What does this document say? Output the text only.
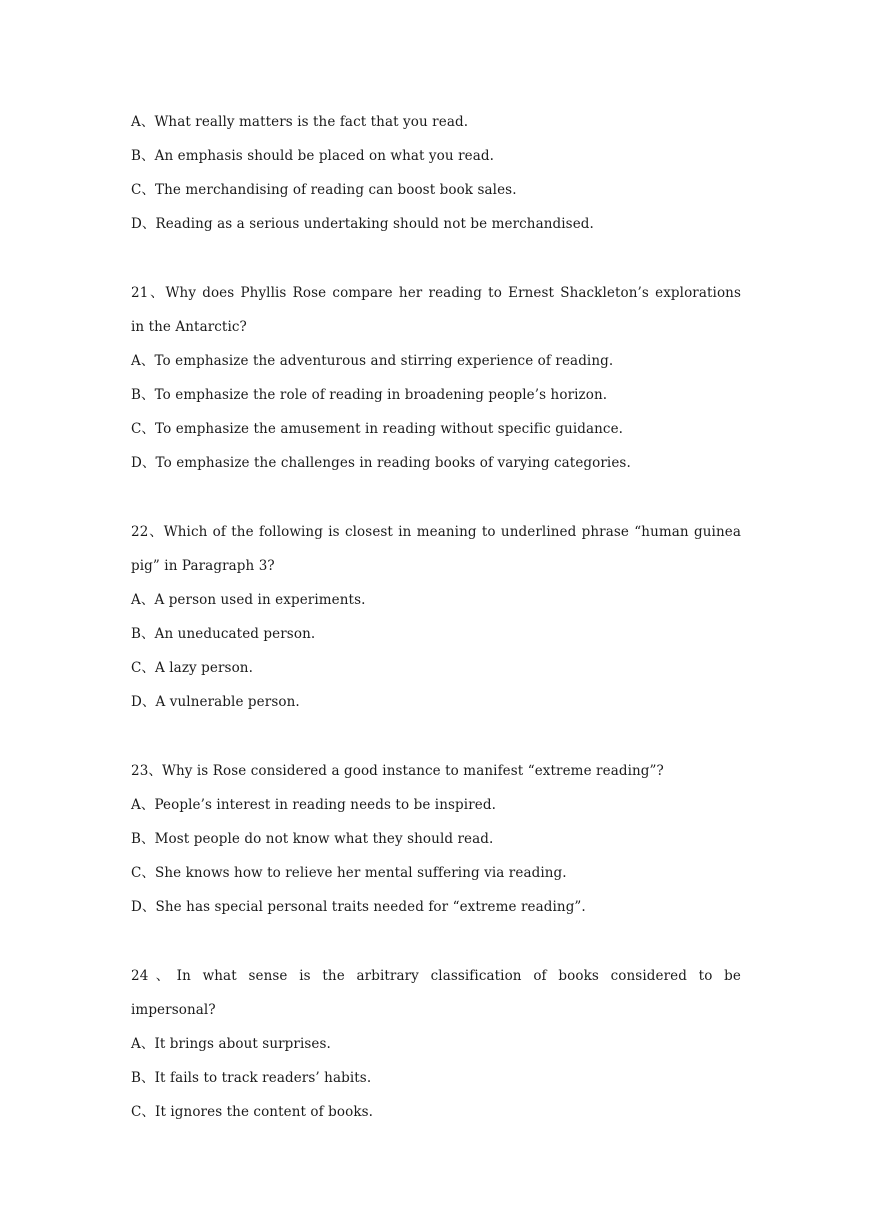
A、What really matters is the fact that you read.
B、An emphasis should be placed on what you read.
C、The merchandising of reading can boost book sales.
D、Reading as a serious undertaking should not be merchandised.
21、Why does Phyllis Rose compare her reading to Ernest Shackleton’s explorations
in the Antarctic?
A、To emphasize the adventurous and stirring experience of reading.
B、To emphasize the role of reading in broadening people’s horizon.
C、To emphasize the amusement in reading without specific guidance.
D、To emphasize the challenges in reading books of varying categories.
22、Which of the following is closest in meaning to underlined phrase “human guinea
pig” in Paragraph 3?
A、A person used in experiments.
B、An uneducated person.
C、A lazy person.
D、A vulnerable person.
23、Why is Rose considered a good instance to manifest “extreme reading”?
A、People’s interest in reading needs to be inspired.
B、Most people do not know what they should read.
C、She knows how to relieve her mental suffering via reading.
D、She has special personal traits needed for “extreme reading”.
24、In what sense is the arbitrary classification of books considered to be
impersonal?
A、It brings about surprises.
B、It fails to track readers’ habits.
C、It ignores the content of books.
